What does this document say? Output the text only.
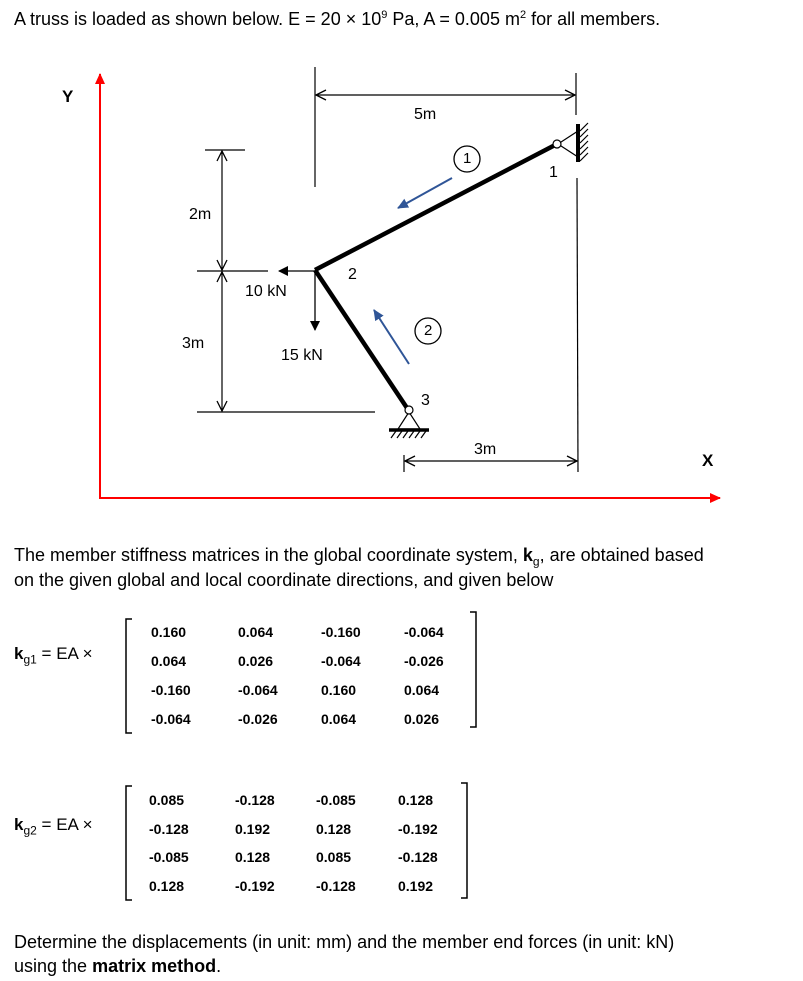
A truss is loaded as shown below. $E = 20 \times 10^9$ Pa, A = 0.005 $m^2$ for all members.
Y
X
5m
3m
2m
3m
10 kN
15 kN
1
2
3
1
2
The member stiffness matrices in the global coordinate system, $k_g$, are obtained based
on the given global and local coordinate directions, and given below
$k_{g1}$ = EA ×
0.160	0.064	-0.160	-0.064
0.064	0.026	-0.064	-0.026
-0.160	-0.064	0.160	0.064
-0.064	-0.026	0.064	0.026
$k_{g2}$ = EA ×
0.085	-0.128	-0.085	0.128
-0.128	0.192	0.128	-0.192
-0.085	0.128	0.085	-0.128
0.128	-0.192	-0.128	0.192
Determine the displacements (in unit: mm) and the member end forces (in unit: kN)
using the matrix method.
